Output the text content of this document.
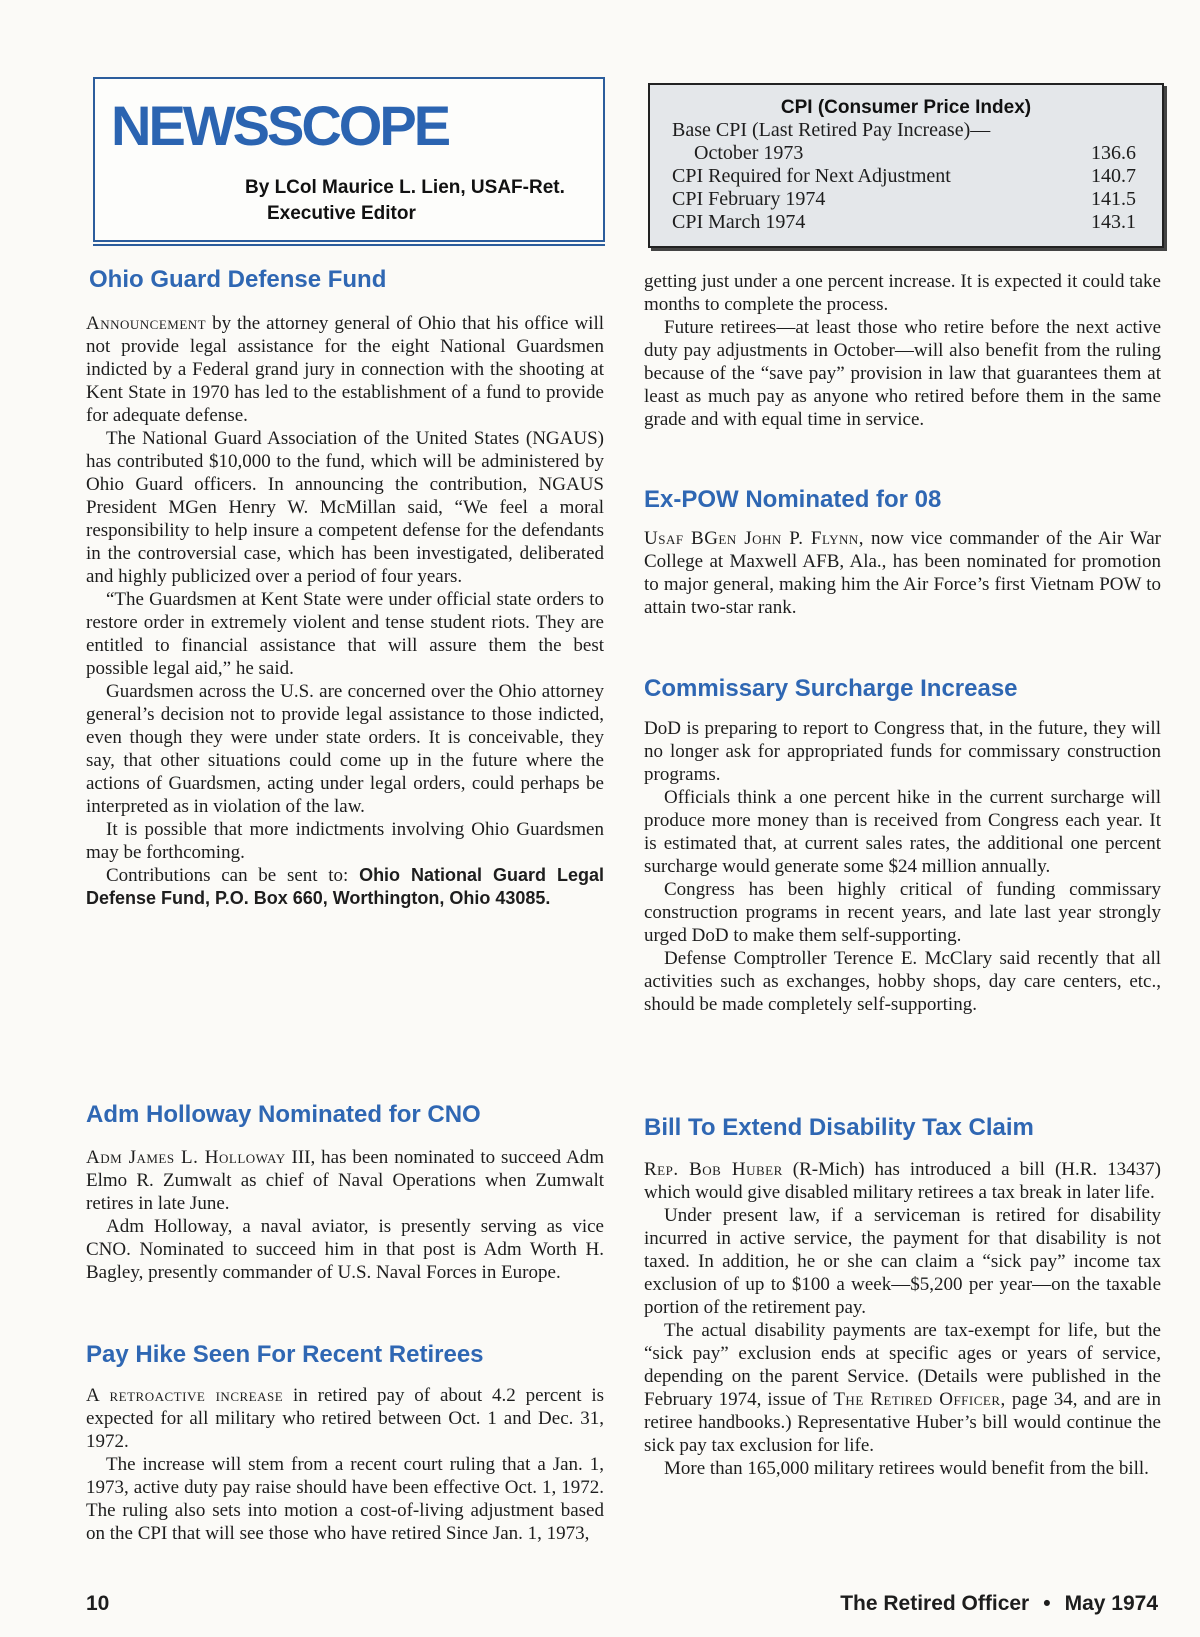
NEWSSCOPE
By LCol Maurice L. Lien, USAF-Ret.
Executive Editor
CPI (Consumer Price Index)
Base CPI (Last Retired Pay Increase)—
October 1973	136.6
CPI Required for Next Adjustment	140.7
CPI February 1974	141.5
CPI March 1974	143.1
Ohio Guard Defense Fund

Announcement by the attorney general of Ohio that his office will not provide legal assistance for the eight National Guardsmen indicted by a Federal grand jury in connection with the shooting at Kent State in 1970 has led to the establishment of a fund to provide for adequate defense.

The National Guard Association of the United States (NGAUS) has contributed $10,000 to the fund, which will be administered by Ohio Guard officers. In announcing the contribution, NGAUS President MGen Henry W. McMillan said, “We feel a moral responsibility to help insure a competent defense for the defendants in the controversial case, which has been investigated, deliberated and highly publicized over a period of four years.

“The Guardsmen at Kent State were under official state orders to restore order in extremely violent and tense student riots. They are entitled to financial assistance that will assure them the best possible legal aid,” he said.

Guardsmen across the U.S. are concerned over the Ohio attorney general’s decision not to provide legal assistance to those indicted, even though they were under state orders. It is conceivable, they say, that other situations could come up in the future where the actions of Guardsmen, acting under legal orders, could perhaps be interpreted as in violation of the law.

It is possible that more indictments involving Ohio Guardsmen may be forthcoming.

Contributions can be sent to: Ohio National Guard Legal Defense Fund, P.O. Box 660, Worthington, Ohio 43085.

Adm Holloway Nominated for CNO

Adm James L. Holloway III, has been nominated to succeed Adm Elmo R. Zumwalt as chief of Naval Operations when Zumwalt retires in late June.

Adm Holloway, a naval aviator, is presently serving as vice CNO. Nominated to succeed him in that post is Adm Worth H. Bagley, presently commander of U.S. Naval Forces in Europe.

Pay Hike Seen For Recent Retirees

A retroactive increase in retired pay of about 4.2 percent is expected for all military who retired between Oct. 1 and Dec. 31, 1972.

The increase will stem from a recent court ruling that a Jan. 1, 1973, active duty pay raise should have been effective Oct. 1, 1972. The ruling also sets into motion a cost-of-living adjustment based on the CPI that will see those who have retired Since Jan. 1, 1973,

getting just under a one percent increase. It is expected it could take months to complete the process.

Future retirees—at least those who retire before the next active duty pay adjustments in October—will also benefit from the ruling because of the “save pay” provision in law that guarantees them at least as much pay as anyone who retired before them in the same grade and with equal time in service.

Ex-POW Nominated for 08

Usaf BGen John P. Flynn, now vice commander of the Air War College at Maxwell AFB, Ala., has been nominated for promotion to major general, making him the Air Force’s first Vietnam POW to attain two-star rank.

Commissary Surcharge Increase

DoD is preparing to report to Congress that, in the future, they will no longer ask for appropriated funds for commissary construction programs.

Officials think a one percent hike in the current surcharge will produce more money than is received from Congress each year. It is estimated that, at current sales rates, the additional one percent surcharge would generate some $24 million annually.

Congress has been highly critical of funding commissary construction programs in recent years, and late last year strongly urged DoD to make them self-supporting.

Defense Comptroller Terence E. McClary said recently that all activities such as exchanges, hobby shops, day care centers, etc., should be made completely self-supporting.

Bill To Extend Disability Tax Claim

Rep. Bob Huber (R-Mich) has introduced a bill (H.R. 13437) which would give disabled military retirees a tax break in later life.

Under present law, if a serviceman is retired for disability incurred in active service, the payment for that disability is not taxed. In addition, he or she can claim a “sick pay” income tax exclusion of up to $100 a week—$5,200 per year—on the taxable portion of the retirement pay.

The actual disability payments are tax-exempt for life, but the “sick pay” exclusion ends at specific ages or years of service, depending on the parent Service. (Details were published in the February 1974, issue of The Retired Officer, page 34, and are in retiree handbooks.) Representative Huber’s bill would continue the sick pay tax exclusion for life.

More than 165,000 military retirees would benefit from the bill.

10	The Retired Officer • May 1974
